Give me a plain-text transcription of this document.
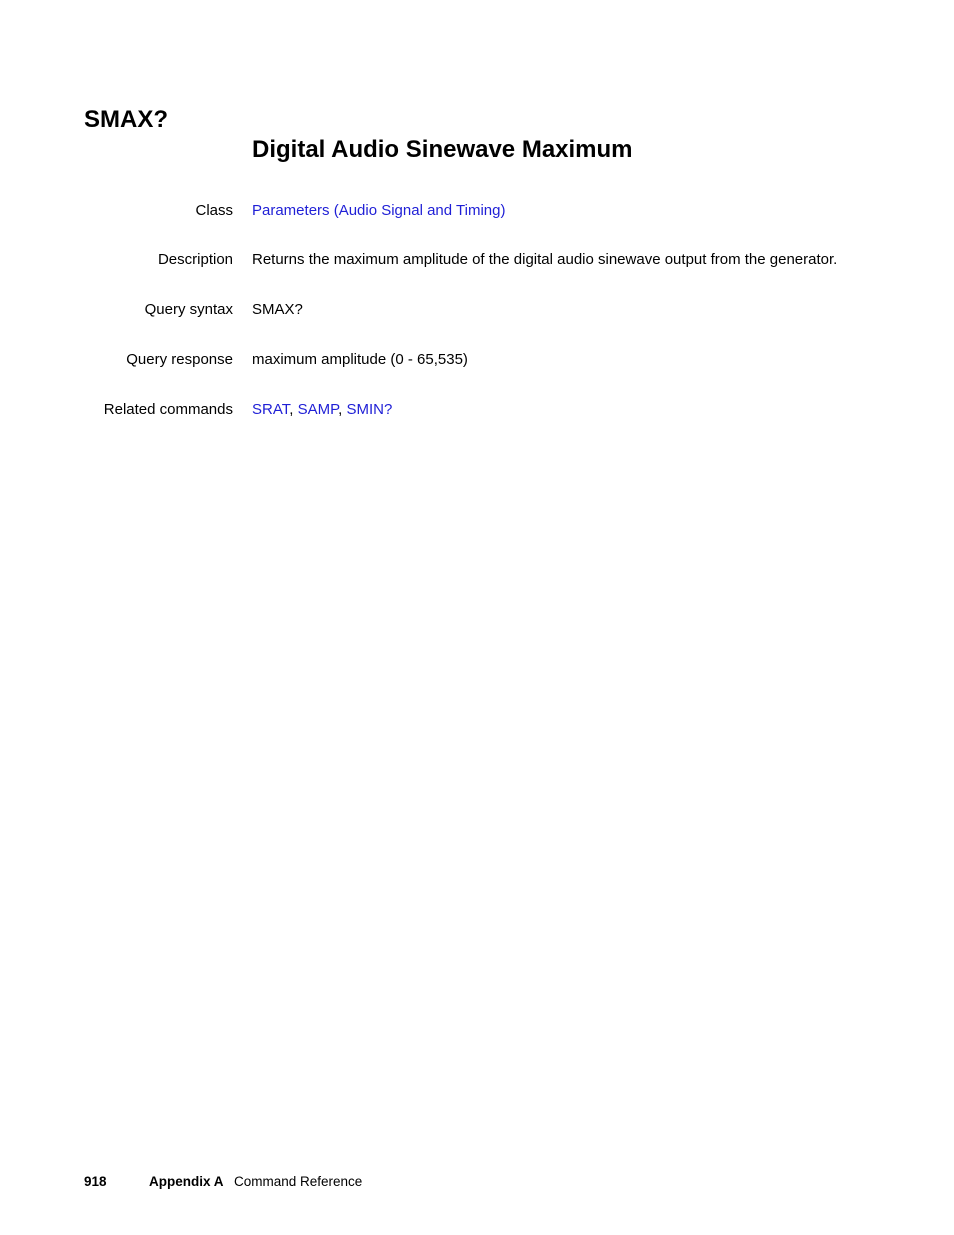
SMAX?
Digital Audio Sinewave Maximum
Class Parameters (Audio Signal and Timing)
Description Returns the maximum amplitude of the digital audio sinewave output from the generator.
Query syntax SMAX?
Query response maximum amplitude (0 - 65,535)
Related commands SRAT, SAMP, SMIN?
918	Appendix A Command Reference
